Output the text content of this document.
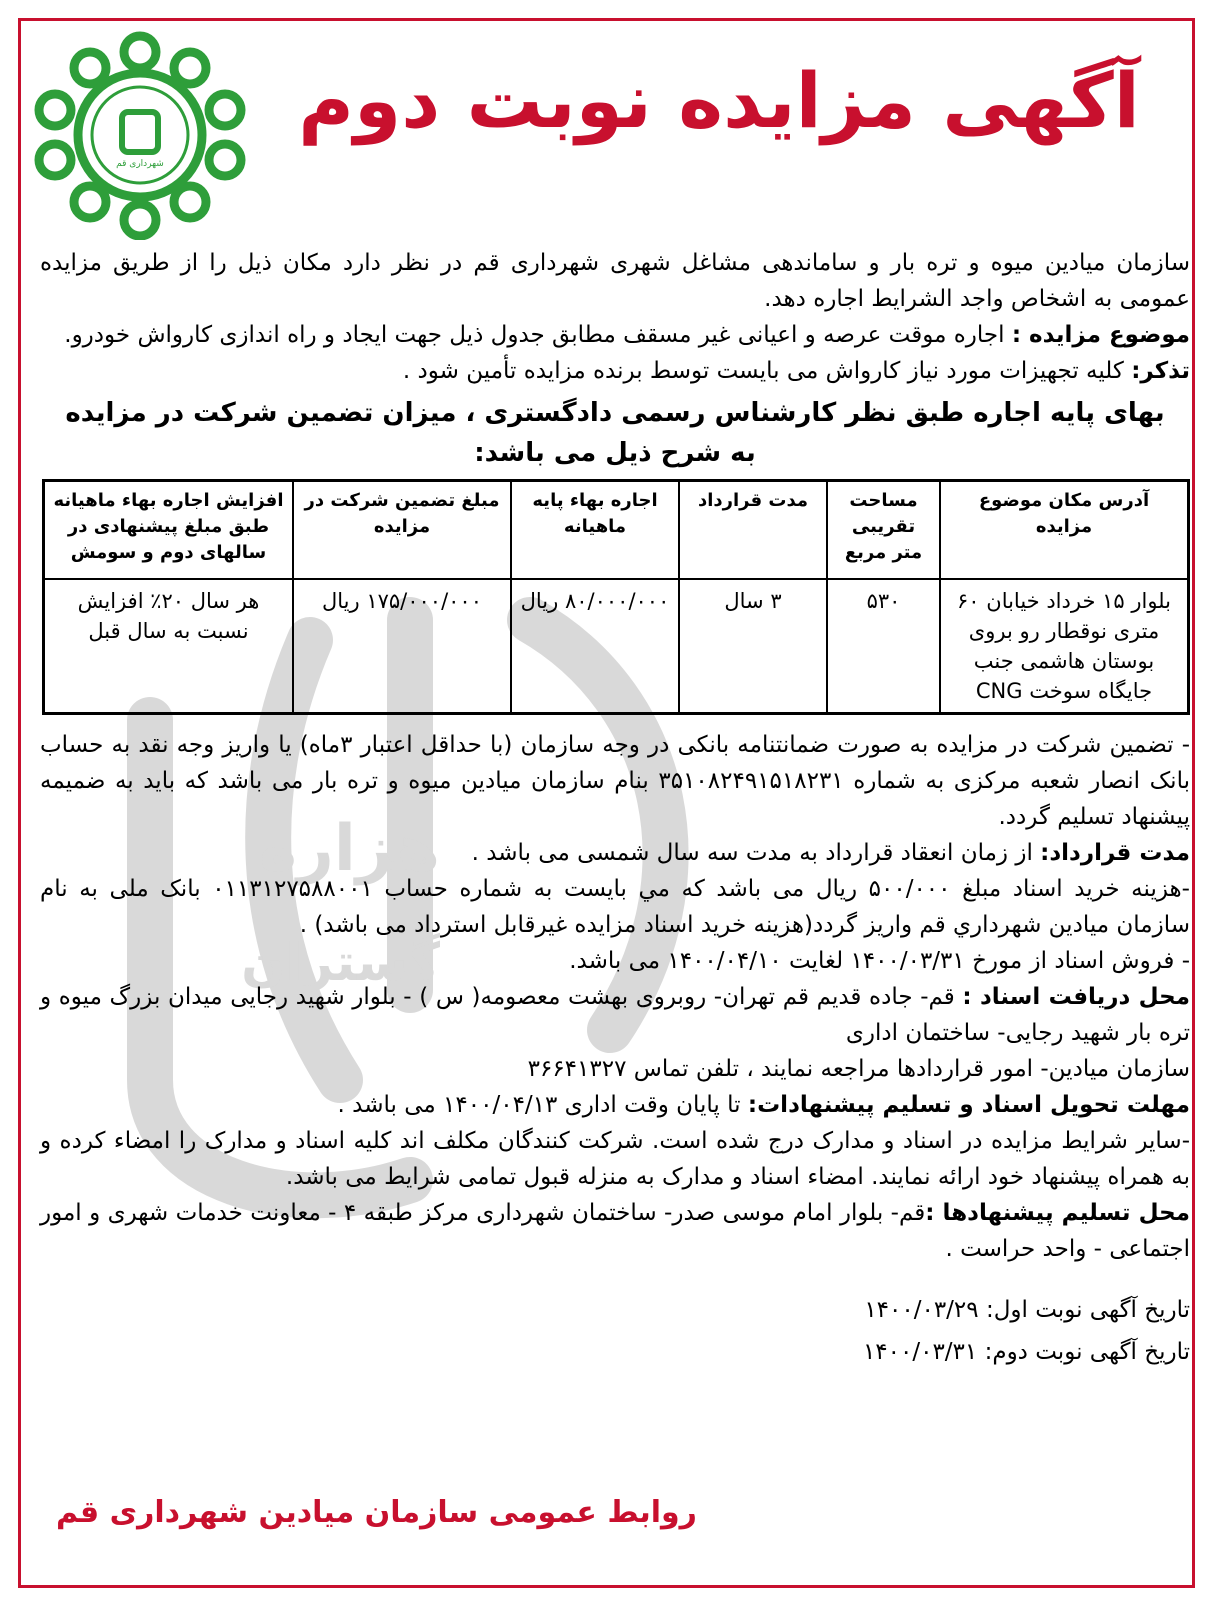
شهرداری قم
آگهی مزایده نوبت دوم
هزاره
گستران

سازمان میادین میوه و تره بار و ساماندهی مشاغل شهری شهرداری قم در نظر دارد مکان ذیل را از طریق مزایده عمومی به اشخاص واجد الشرایط اجاره دهد.

موضوع مزایده : اجاره موقت عرصه و اعیانی غیر مسقف مطابق جدول ذیل جهت ایجاد و راه اندازی کارواش خودرو.

تذکر: کلیه تجهیزات مورد نیاز کارواش می بایست توسط برنده مزایده تأمین شود .

بهای پایه اجاره طبق نظر کارشناس رسمی دادگستری ، میزان تضمین شرکت در مزایده
به شرح ذیل می باشد:
آدرس مکان موضوع مزایده	مساحت تقریبی متر مربع	مدت قرارداد	اجاره بهاء پایه ماهیانه	مبلغ تضمین شرکت در مزایده	افزایش اجاره بهاء ماهیانه طبق مبلغ پیشنهادی در سالهای دوم و سومش
بلوار ۱۵ خرداد خیابان ۶۰ متری نوقطار رو بروی بوستان هاشمی جنب جایگاه سوخت CNG	۵۳۰	۳ سال	۸۰/۰۰۰/۰۰۰ ریال	۱۷۵/۰۰۰/۰۰۰ ریال	هر سال ۲۰٪ افزایش نسبت به سال قبل

- تضمین شرکت در مزایده به صورت ضمانتنامه بانکی در وجه سازمان (با حداقل اعتبار ۳ماه) یا واریز وجه نقد به حساب بانک انصار شعبه مرکزی به شماره ۳۵۱۰۸۲۴۹۱۵۱۸۲۳۱ بنام سازمان میادین میوه و تره بار می باشد که باید به ضمیمه پیشنهاد تسلیم گردد.

مدت قرارداد: از زمان انعقاد قرارداد به مدت سه سال شمسی می باشد .

-هزینه خرید اسناد مبلغ ۵۰۰/۰۰۰ ریال می باشد که مي بایست به شماره حساب ۰۱۱۳۱۲۷۵۸۸۰۰۱ بانک ملی به نام سازمان میادین شهرداري قم واریز گردد(هزینه خرید اسناد مزایده غیرقابل استرداد می باشد) .

- فروش اسناد از مورخ ۱۴۰۰/۰۳/۳۱ لغایت ۱۴۰۰/۰۴/۱۰ می باشد.

محل دریافت اسناد : قم- جاده قدیم قم تهران- روبروی بهشت معصومه( س ) - بلوار شهید رجایی میدان بزرگ میوه و تره بار شهید رجایی- ساختمان اداری

سازمان میادین- امور قراردادها مراجعه نمایند ، تلفن تماس ۳۶۶۴۱۳۲۷

مهلت تحویل اسناد و تسلیم پیشنهادات: تا پایان وقت اداری ۱۴۰۰/۰۴/۱۳ می باشد .

-سایر شرایط مزایده در اسناد و مدارک درج شده است. شرکت کنندگان مکلف اند کلیه اسناد و مدارک را امضاء کرده و به همراه پیشنهاد خود ارائه نمایند. امضاء اسناد و مدارک به منزله قبول تمامی شرایط می باشد.

محل تسلیم پیشنهادها :قم- بلوار امام موسی صدر- ساختمان شهرداری مرکز طبقه ۴ - معاونت خدمات شهری و امور اجتماعی - واحد حراست .

تاریخ آگهی نوبت اول: ۱۴۰۰/۰۳/۲۹
تاریخ آگهی نوبت دوم: ۱۴۰۰/۰۳/۳۱
روابط عمومی سازمان میادین شهرداری قم
